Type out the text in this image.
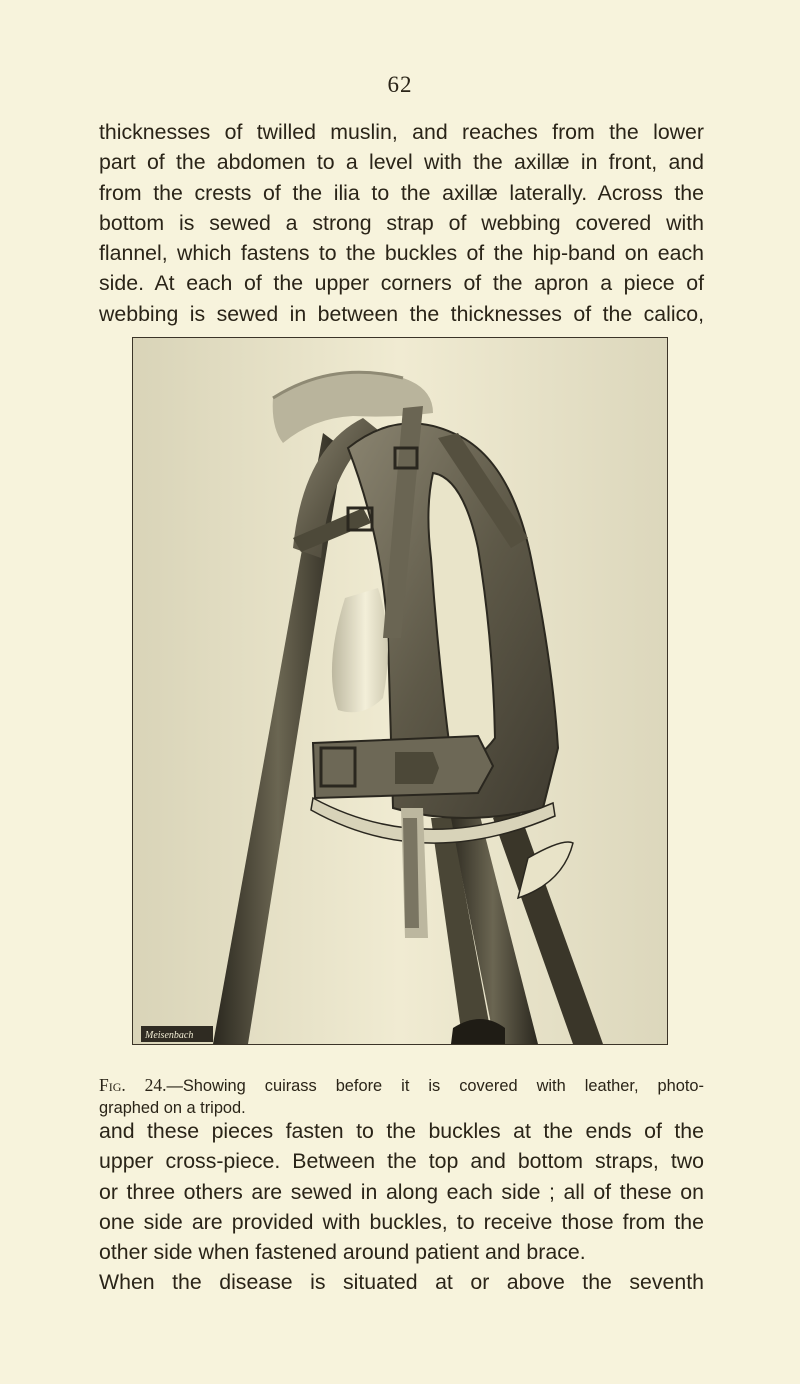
62
thicknesses of twilled muslin, and reaches from the lower
part of the abdomen to a level with the axillæ in front, and
from the crests of the ilia to the axillæ laterally. Across the
bottom is sewed a strong strap of webbing covered with
flannel, which fastens to the buckles of the hip-band on each
side. At each of the upper corners of the apron a piece of
webbing is sewed in between the thicknesses of the calico,
Meisenbach
Fig. 24.—Showing cuirass before it is covered with leather, photo-
graphed on a tripod.
and these pieces fasten to the buckles at the ends of the
upper cross-piece. Between the top and bottom straps, two
or three others are sewed in along each side ; all of these on
one side are provided with buckles, to receive those from the
other side when fastened around patient and brace.
When the disease is situated at or above the seventh
